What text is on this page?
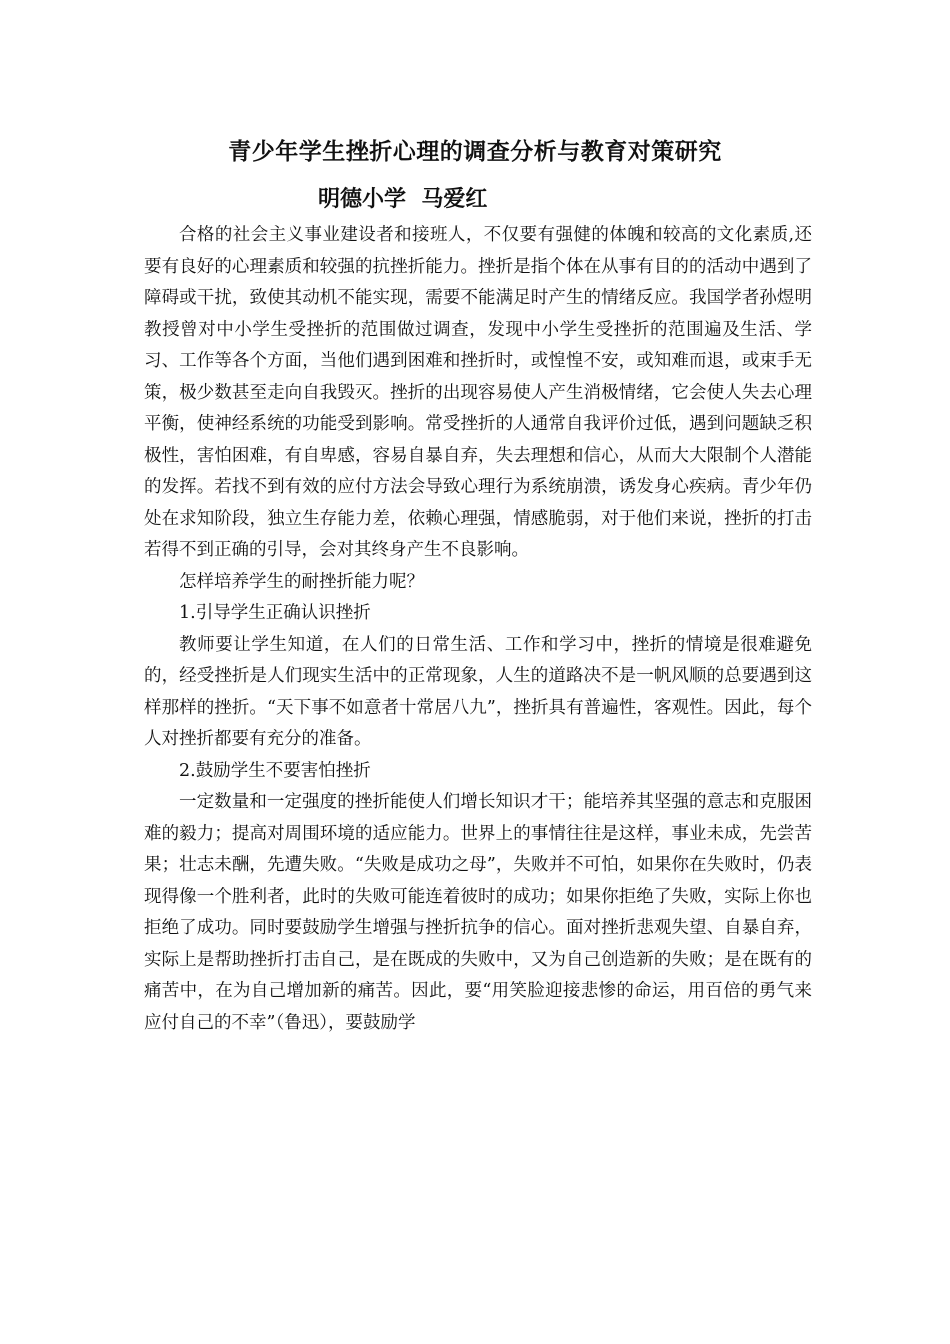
青少年学生挫折心理的调查分析与教育对策研究
明德小学  马爱红

合格的社会主义事业建设者和接班人，不仅要有强健的体魄和较高的文化素质,还要有良好的心理素质和较强的抗挫折能力。挫折是指个体在从事有目的的活动中遇到了障碍或干扰，致使其动机不能实现，需要不能满足时产生的情绪反应。我国学者孙煜明教授曾对中小学生受挫折的范围做过调查，发现中小学生受挫折的范围遍及生活、学习、工作等各个方面，当他们遇到困难和挫折时，或惶惶不安，或知难而退，或束手无策，极少数甚至走向自我毁灭。挫折的出现容易使人产生消极情绪，它会使人失去心理平衡，使神经系统的功能受到影响。常受挫折的人通常自我评价过低，遇到问题缺乏积极性，害怕困难，有自卑感，容易自暴自弃，失去理想和信心，从而大大限制个人潜能的发挥。若找不到有效的应付方法会导致心理行为系统崩溃，诱发身心疾病。青少年仍处在求知阶段，独立生存能力差，依赖心理强，情感脆弱，对于他们来说，挫折的打击若得不到正确的引导，会对其终身产生不良影响。

怎样培养学生的耐挫折能力呢？

1.引导学生正确认识挫折

教师要让学生知道，在人们的日常生活、工作和学习中，挫折的情境是很难避免的，经受挫折是人们现实生活中的正常现象，人生的道路决不是一帆风顺的总要遇到这样那样的挫折。“天下事不如意者十常居八九”，挫折具有普遍性，客观性。因此，每个人对挫折都要有充分的准备。

2.鼓励学生不要害怕挫折

一定数量和一定强度的挫折能使人们增长知识才干；能培养其坚强的意志和克服困难的毅力；提高对周围环境的适应能力。世界上的事情往往是这样，事业未成，先尝苦果；壮志未酬，先遭失败。“失败是成功之母”，失败并不可怕，如果你在失败时，仍表现得像一个胜利者，此时的失败可能连着彼时的成功；如果你拒绝了失败，实际上你也拒绝了成功。同时要鼓励学生增强与挫折抗争的信心。面对挫折悲观失望、自暴自弃，实际上是帮助挫折打击自己，是在既成的失败中，又为自己创造新的失败；是在既有的痛苦中，在为自己增加新的痛苦。因此，要“用笑脸迎接悲惨的命运，用百倍的勇气来应付自己的不幸”（鲁迅），要鼓励学
